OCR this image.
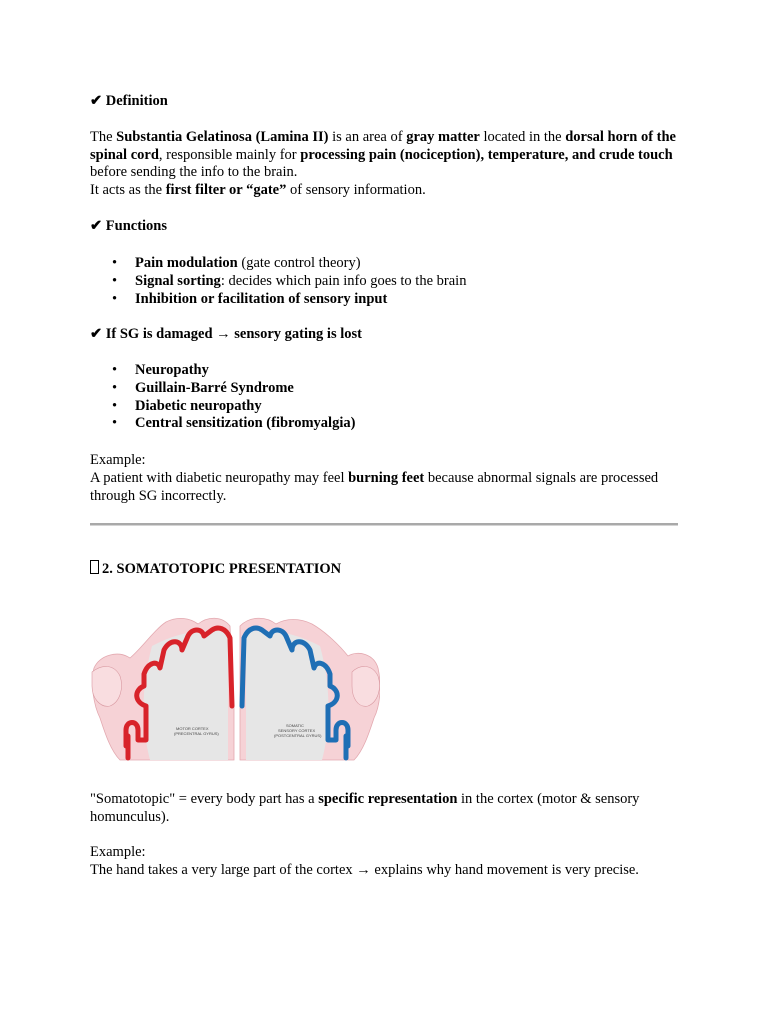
✔ Definition

The Substantia Gelatinosa (Lamina II) is an area of gray matter located in the dorsal horn of the spinal cord, responsible mainly for processing pain (nociception), temperature, and crude touch before sending the info to the brain.

It acts as the first filter or “gate” of sensory information.

✔ Functions

• Pain modulation (gate control theory)
• Signal sorting: decides which pain info goes to the brain
• Inhibition or facilitation of sensory input

✔ If SG is damaged → sensory gating is lost

• Neuropathy
• Guillain-Barré Syndrome
• Diabetic neuropathy
• Central sensitization (fibromyalgia)

Example:

A patient with diabetic neuropathy may feel burning feet because abnormal signals are processed through SG incorrectly.

2. SOMATOTOPIC PRESENTATION

MOTOR CORTEX
(PRECENTRAL GYRUS)
SOMATIC
SENSORY CORTEX
(POSTCENTRAL GYRUS)

"Somatotopic" = every body part has a specific representation in the cortex (motor & sensory homunculus).

Example:

The hand takes a very large part of the cortex → explains why hand movement is very precise.
